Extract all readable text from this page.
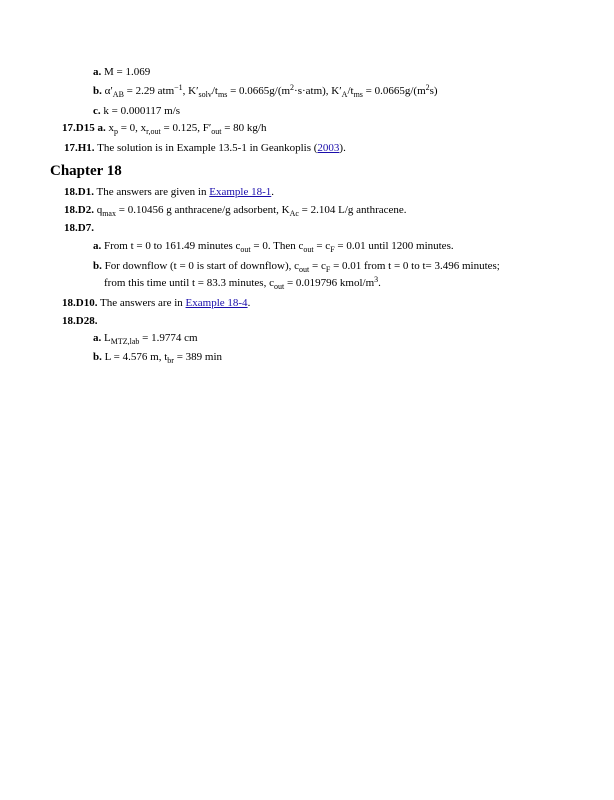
a. M = 1.069
b. $\alpha'_{AB} = 2.29$ atm$^{-1}$, $K'_{solv}/t_{ms} = 0.0665g/(m^2\cdot s\cdot atm)$, $K'_A/t_{ms} = 0.0665g/(m^2s)$
c. k = 0.000117 m/s
17.D15 a. $x_p = 0$, $x_{r,out} = 0.125$, $F'_{out} = 80$ kg/h
17.H1. The solution is in Example 13.5-1 in Geankoplis (2003).
Chapter 18
18.D1. The answers are given in Example 18-1.
18.D2. $q_{max} = 0.10456$ g anthracene/g adsorbent, $K_{Ac} = 2.104$ L/g anthracene.
18.D7.
a. From t = 0 to 161.49 minutes $c_{out} = 0$. Then $c_{out} = c_F = 0.01$ until 1200 minutes.
b. For downflow (t = 0 is start of downflow), $c_{out} = c_F = 0.01$ from t = 0 to t= 3.496 minutes;
from this time until t = 83.3 minutes, $c_{out} = 0.019796$ kmol/$m^3$.
18.D10. The answers are in Example 18-4.
18.D28.
a. $L_{MTZ,lab} = 1.9774$ cm
b. L = 4.576 m, $t_{br} = 389$ min
